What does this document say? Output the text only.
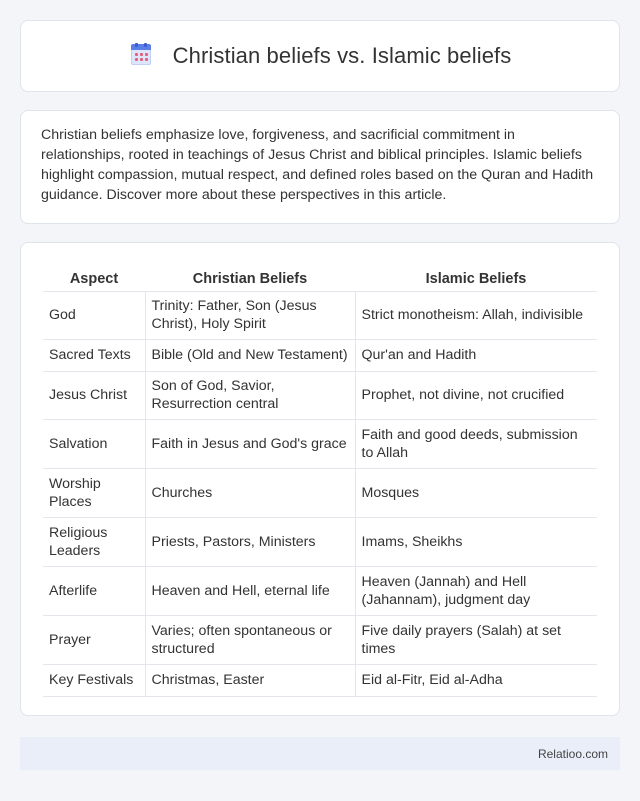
Christian beliefs vs. Islamic beliefs

Christian beliefs emphasize love, forgiveness, and sacrificial commitment in relationships, rooted in teachings of Jesus Christ and biblical principles. Islamic beliefs highlight compassion, mutual respect, and defined roles based on the Quran and Hadith guidance. Discover more about these perspectives in this article.

Aspect	Christian Beliefs	Islamic Beliefs
God	Trinity: Father, Son (Jesus Christ), Holy Spirit	Strict monotheism: Allah, indivisible
Sacred Texts	Bible (Old and New Testament)	Qur'an and Hadith
Jesus Christ	Son of God, Savior, Resurrection central	Prophet, not divine, not crucified
Salvation	Faith in Jesus and God's grace	Faith and good deeds, submission to Allah
Worship Places	Churches	Mosques
Religious Leaders	Priests, Pastors, Ministers	Imams, Sheikhs
Afterlife	Heaven and Hell, eternal life	Heaven (Jannah) and Hell (Jahannam), judgment day
Prayer	Varies; often spontaneous or structured	Five daily prayers (Salah) at set times
Key Festivals	Christmas, Easter	Eid al-Fitr, Eid al-Adha
Relatioo.com
